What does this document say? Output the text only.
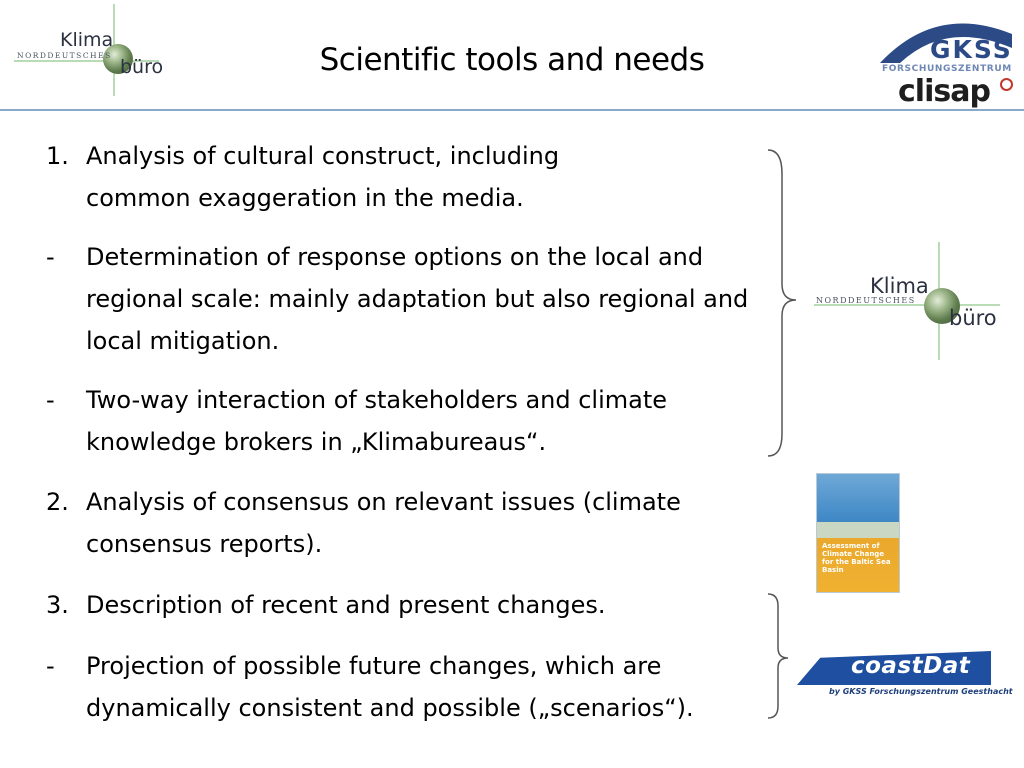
Scientific tools and needs
Klima
NORDDEUTSCHES
büro
GKSS
FORSCHUNGSZENTRUM
clisap
1. Analysis of cultural construct, including common exaggeration in the media.
- Determination of response options on the local and regional scale: mainly adaptation but also regional and local mitigation.
- Two-way interaction of stakeholders and climate knowledge brokers in „Klimabureaus“.
2. Analysis of consensus on relevant issues (climate consensus reports).
3. Description of recent and present changes.
- Projection of possible future changes, which are dynamically consistent and possible („scenarios“).
Klima
NORDDEUTSCHES
büro
Assessment of Climate Change for the Baltic Sea Basin
coastDat
by GKSS Forschungszentrum Geesthacht
